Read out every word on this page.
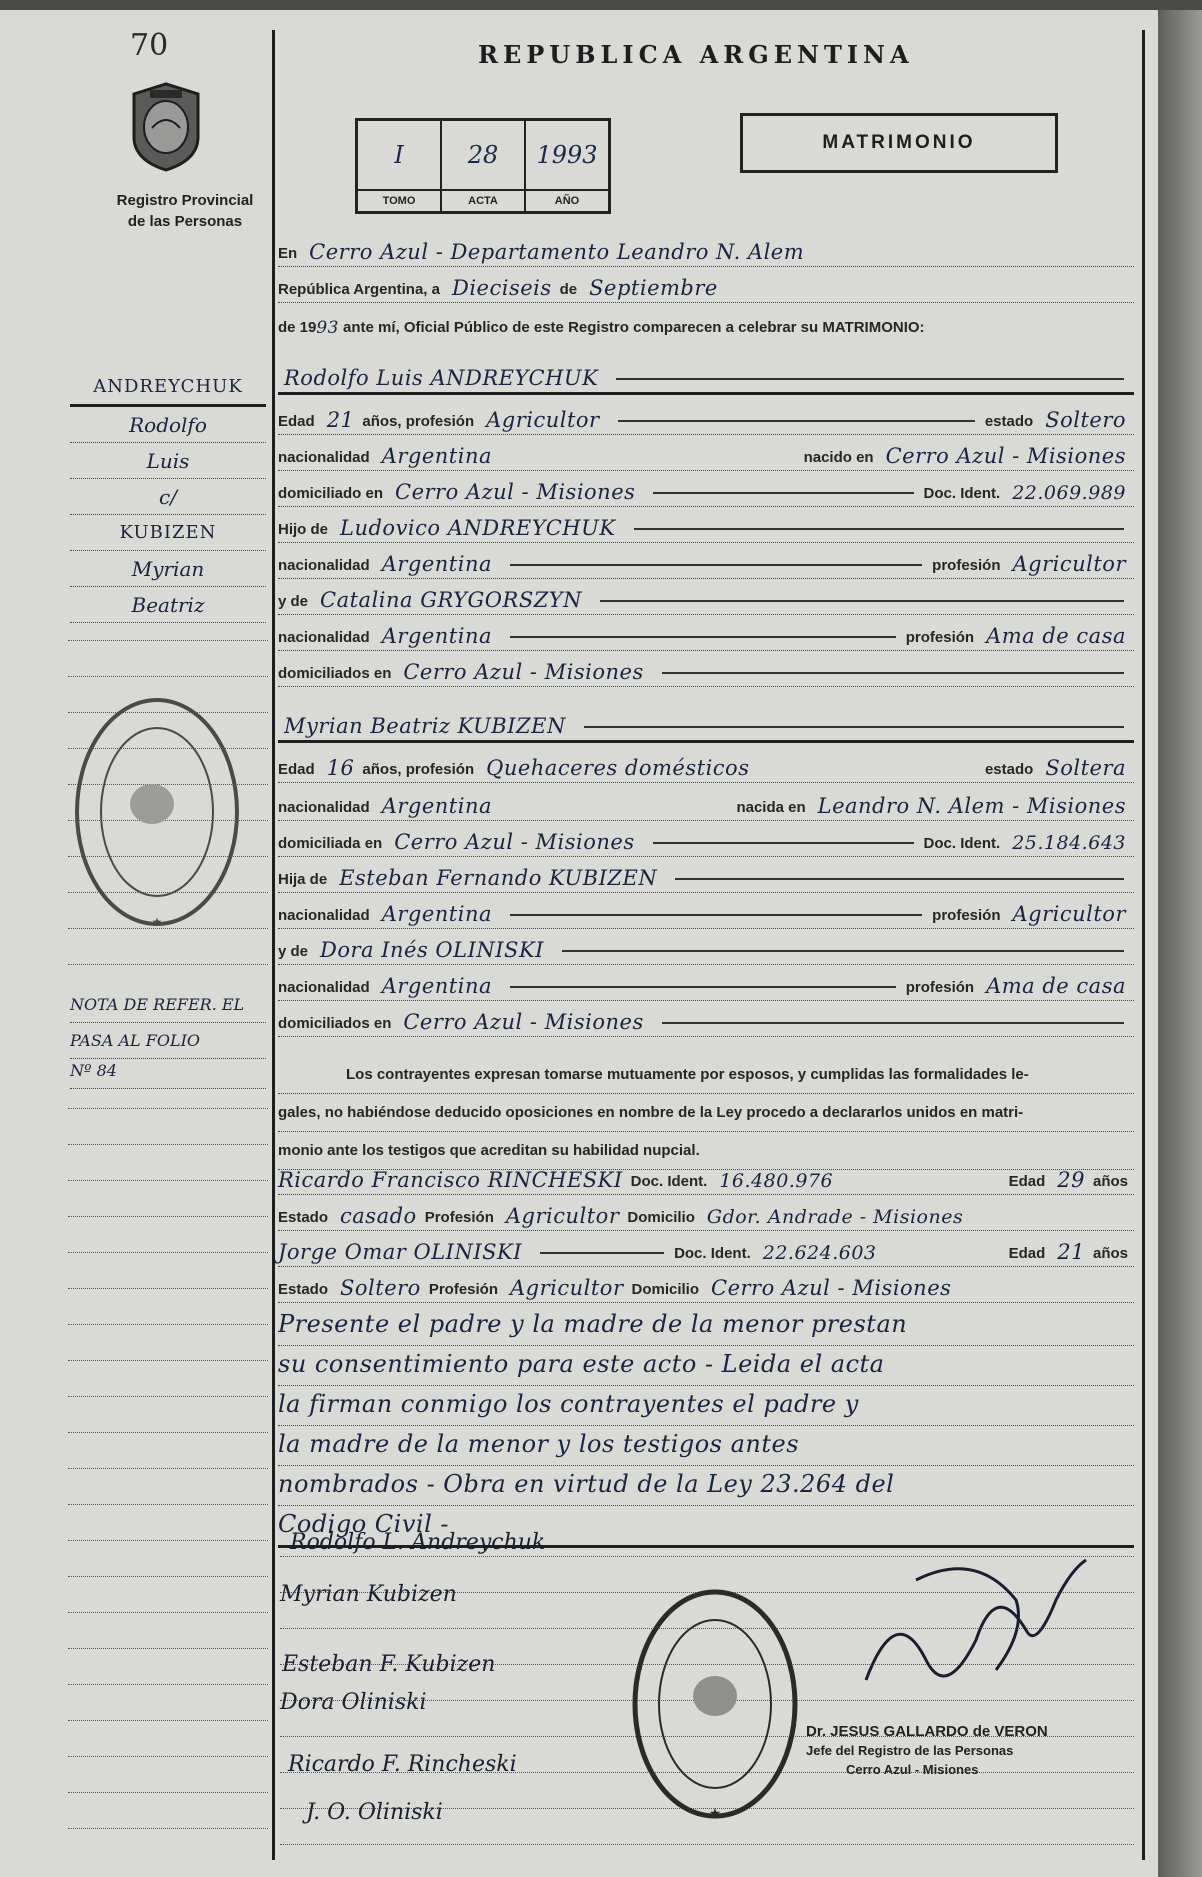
70
Registro Provincial
de las Personas
REPUBLICA ARGENTINA
I
TOMO
28
ACTA
1993
AÑO
MATRIMONIO
En Cerro Azul - Departamento Leandro N. Alem
República Argentina, a Dieciseis de Septiembre
de 19 93 ante mí, Oficial Público de este Registro comparecen a celebrar su MATRIMONIO:
Rodolfo Luis ANDREYCHUK
Edad 21 años, profesión Agricultor	estado Soltero
nacionalidad Argentina	nacido en Cerro Azul - Misiones
domiciliado en Cerro Azul - Misiones	Doc. Ident. 22.069.989
Hijo de Ludovico ANDREYCHUK
nacionalidad Argentina	profesión Agricultor
y de Catalina GRYGORSZYN
nacionalidad Argentina	profesión Ama de casa
domiciliados en Cerro Azul - Misiones
Myrian Beatriz KUBIZEN
Edad 16 años, profesión Quehaceres domésticos	estado Soltera
nacionalidad Argentina	nacida en Leandro N. Alem - Misiones
domiciliada en Cerro Azul - Misiones	Doc. Ident. 25.184.643
Hija de Esteban Fernando KUBIZEN
nacionalidad Argentina	profesión Agricultor
y de Dora Inés OLINISKI
nacionalidad Argentina	profesión Ama de casa
domiciliados en Cerro Azul - Misiones
Los contrayentes expresan tomarse mutuamente por esposos, y cumplidas las formalidades le-
gales, no habiéndose deducido oposiciones en nombre de la Ley procedo a declararlos unidos en matri-
monio ante los testigos que acreditan su habilidad nupcial.
Ricardo Francisco RINCHESKI Doc. Ident. 16.480.976	Edad 29 años
Estado casado Profesión Agricultor Domicilio Gdor. Andrade - Misiones
Jorge Omar OLINISKI	Doc. Ident. 22.624.603	Edad 21 años
Estado Soltero Profesión Agricultor Domicilio Cerro Azul - Misiones
Presente el padre y la madre de la menor prestan
su consentimiento para este acto - Leida el acta
la firman conmigo los contrayentes el padre y
la madre de la menor y los testigos antes
nombrados - Obra en virtud de la Ley 23.264 del
Codigo Civil -
ANDREYCHUK
Rodolfo
Luis
c/
KUBIZEN
Myrian
Beatriz
NOTA DE REFER. EL
PASA AL FOLIO
Nº 84
★
★
Rodolfo L. Andreychuk
Myrian Kubizen
Esteban F. Kubizen
Dora Oliniski
Ricardo F. Rincheski
J. O. Oliniski
Dr. JESUS GALLARDO de VERON
Jefe del Registro de las Personas
Cerro Azul - Misiones
